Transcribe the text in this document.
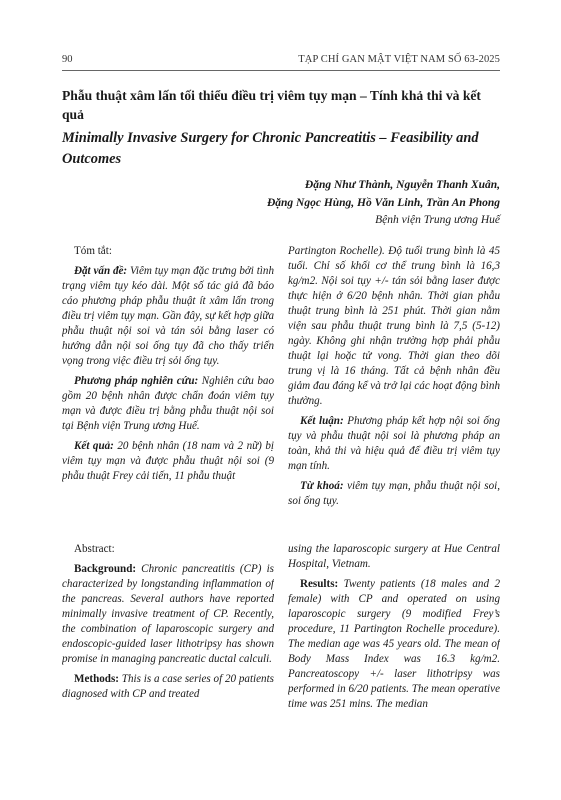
90	TẠP CHÍ GAN MẬT VIỆT NAM SỐ 63-2025
Phẫu thuật xâm lấn tối thiểu điều trị viêm tụy mạn – Tính khả thi và kết quả
Minimally Invasive Surgery for Chronic Pancreatitis – Feasibility and Outcomes
Đặng Như Thành, Nguyễn Thanh Xuân,
Đặng Ngọc Hùng, Hồ Văn Linh, Trần An Phong
Bệnh viện Trung ương Huế

Tóm tắt:

Đặt vấn đề: Viêm tụy mạn đặc trưng bởi tình trạng viêm tụy kéo dài. Một số tác giả đã báo cáo phương pháp phẫu thuật ít xâm lấn trong điều trị viêm tụy mạn. Gần đây, sự kết hợp giữa phẫu thuật nội soi và tán sỏi bằng laser có hướng dẫn nội soi ống tụy đã cho thấy triển vọng trong việc điều trị sỏi ống tụy.

Phương pháp nghiên cứu: Nghiên cứu bao gồm 20 bệnh nhân được chẩn đoán viêm tụy mạn và được điều trị bằng phẫu thuật nội soi tại Bệnh viện Trung ương Huế.

Kết quả: 20 bệnh nhân (18 nam và 2 nữ) bị viêm tụy mạn và được phẫu thuật nội soi (9 phẫu thuật Frey cải tiến, 11 phẫu thuật

Partington Rochelle). Độ tuổi trung bình là 45 tuổi. Chỉ số khối cơ thể trung bình là 16,3 kg/m2. Nội soi tụy +/- tán sỏi bằng laser được thực hiện ở 6/20 bệnh nhân. Thời gian phẫu thuật trung bình là 251 phút. Thời gian nằm viện sau phẫu thuật trung bình là 7,5 (5-12) ngày. Không ghi nhận trường hợp phải phẫu thuật lại hoặc tử vong. Thời gian theo dõi trung vị là 16 tháng. Tất cả bệnh nhân đều giảm đau đáng kể và trở lại các hoạt động bình thường.

Kết luận: Phương pháp kết hợp nội soi ống tụy và phẫu thuật nội soi là phương pháp an toàn, khả thi và hiệu quả để điều trị viêm tụy mạn tính.

Từ khoá: viêm tụy mạn, phẫu thuật nội soi, soi ống tụy.

Abstract:

Background: Chronic pancreatitis (CP) is characterized by longstanding inflammation of the pancreas. Several authors have reported minimally invasive treatment of CP. Recently, the combination of laparoscopic surgery and endoscopic-guided laser lithotripsy has shown promise in managing pancreatic ductal calculi.

Methods: This is a case series of 20 patients diagnosed with CP and treated

using the laparoscopic surgery at Hue Central Hospital, Vietnam.

Results: Twenty patients (18 males and 2 female) with CP and operated on using laparoscopic surgery (9 modified Frey’s procedure, 11 Partington Rochelle procedure). The median age was 45 years old. The mean of Body Mass Index was 16.3 kg/m2. Pancreatoscopy +/- laser lithotripsy was performed in 6/20 patients. The mean operative time was 251 mins. The median
